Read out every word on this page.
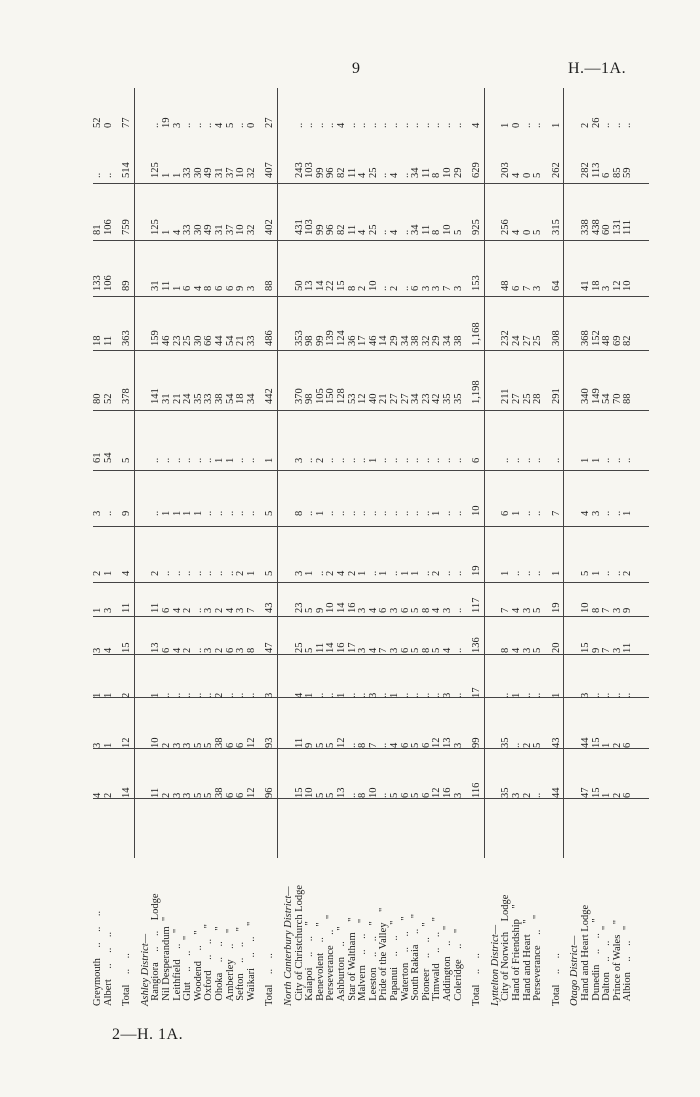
9	H.—1A.
Greymouth    ..    ..    ..
4
3
1
3
1
2
3
61
80
18
133
81
..
52
Albert    ..    ..    ..
2
1
1
4
3
1
..
54
52
11
106
106
..
0
Total    ..    ..
14
12
2
15
11
4
9
5
378
363
89
759
514
77
Ashley District— Rangiora    ..    ..    Lodge
11
10
1
13
11
2
..
..
141
159
31
125
125
..
Nil Desperandum  "
2
2
..
6
6
..
1
..
31
46
11
1
1
19
Leithfield    ..    "
3
3
..
4
4
..
1
..
21
23
1
4
1
3
Glut    ..    ..    "
3
3
..
2
2
..
1
..
24
25
6
33
33
..
Woodend    ..    "
5
5
..
..
..
..
1
..
35
30
4
30
30
..
Oxford    ..    ..    "
5
5
..
3
3
..
..
..
33
66
8
49
49
..
Ohoka    ..    ..    "
38
38
2
2
2
..
..
1
38
44
6
31
31
4
Amberley    ..    "
6
6
..
6
4
..
..
1
54
54
6
37
37
5
Sefton    ..    ..    "
6
6
..
3
3
2
..
..
18
21
9
10
10
..
Waikari    ..    ..    "
12
12
..
8
7
1
..
..
34
33
3
32
32
0
Total    ..    ..
96
93
3
47
43
5
5
1
442
486
88
402
407
27
North Canterbury District— City of Christchurch Lodge
15
11
4
25
23
3
8
3
370
353
50
431
243
..
Kaiapoi    ..    ..    "
10
9
1
5
5
1
..
..
98
98
13
103
103
..
Benevolent    ..    "
5
5
..
11
9
..
1
2
105
99
14
99
99
..
Perseverance    ..    "
5
5
..
14
10
2
..
..
150
139
22
96
96
..
Ashburton    ..    "
13
12
1
16
14
4
..
..
128
124
15
82
82
4
Star of Waltham    "
..
..
..
17
16
2
..
..
53
36
8
11
11
..
Malvern    ..    ..    "
8
8
..
3
3
1
..
..
12
17
2
4
4
..
Leeston    ..    ..    "
10
7
3
4
4
..
..
1
40
46
10
25
25
..
Pride of the Valley    "
..
..
..
7
6
1
..
..
21
14
..
..
..
..
Papanui    ..    ..    "
5
4
1
3
3
..
..
..
27
29
2
4
4
..
Waterton    ..    ..    "
6
6
..
6
6
1
..
..
27
34
..
..
..
..
South Rakaia    ..    "
5
5
..
5
5
1
..
..
34
38
6
34
34
..
Pioneer    ..    ..    "
6
6
..
8
8
..
..
..
23
32
3
11
11
..
Timwald    ..    ..    "
12
12
..
5
4
2
1
..
42
29
3
8
8
..
Addington    ..    "
16
13
3
4
3
..
..
..
35
34
7
10
10
..
Coleridge    ..    "
3
3
..
..
..
..
..
..
35
38
3
5
29
..
Total    ..    ..
116
99
17
136
117
19
10
6
1,198
1,168
153
925
629
4
Lyttelton District— City of Norwich    Lodge
35
35
..
8
7
1
6
..
211
232
48
256
203
1
Hand of Friendship    "
3
..
1
4
4
..
1
..
27
24
6
4
4
0
Hand and Heart    "
2
2
..
3
3
..
..
..
25
27
7
0
0
..
Perseverance    ..    "
..
5
..
5
5
..
..
..
28
25
3
5
5
..
Total    ..    ..
44
43
1
20
19
1
7
..
291
308
64
315
262
1
Otago District— Hand and Heart Lodge
47
44
3
15
10
5
4
1
340
368
41
338
282
2
Dunedin    ..    ..    "
15
15
..
9
8
1
3
1
149
152
18
438
113
26
Dalton    ..    ..    "
1
1
..
7
7
..
..
..
54
48
3
60
6
..
Prince of Wales    "
2
2
..
3
3
..
..
..
70
69
12
131
85
..
Albion    ..    ..    "
6
6
..
11
9
2
1
..
88
82
10
111
59
..
2—H. 1A.
